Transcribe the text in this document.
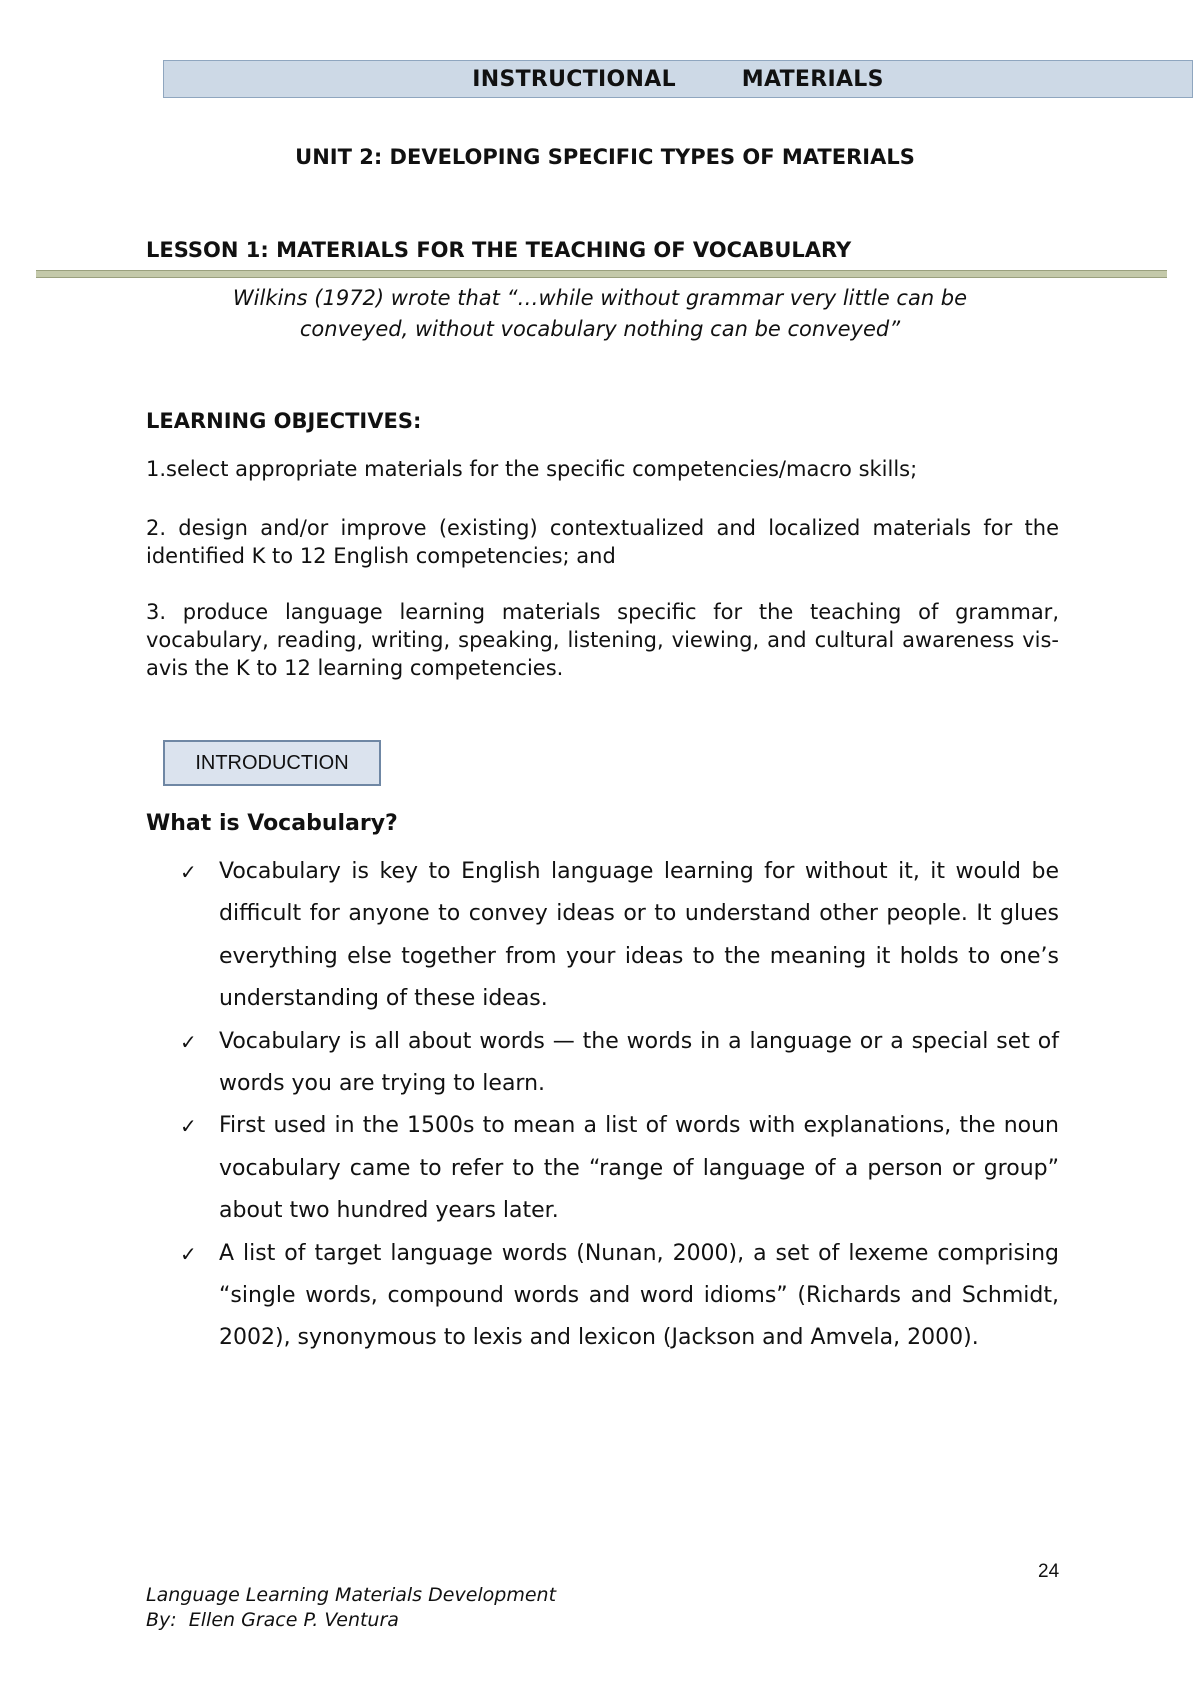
INSTRUCTIONAL   MATERIALS
UNIT 2: DEVELOPING SPECIFIC TYPES OF MATERIALS
LESSON 1: MATERIALS FOR THE TEACHING OF VOCABULARY
Wilkins (1972) wrote that “…while without grammar very little can be
conveyed, without vocabulary nothing can be conveyed”
LEARNING OBJECTIVES:
1.select appropriate materials for the specific competencies/macro skills;
2. design and/or improve (existing) contextualized and localized materials for the identified K to 12 English competencies; and
3. produce language learning materials specific for the teaching of grammar, vocabulary, reading, writing, speaking, listening, viewing, and cultural awareness vis-avis the K to 12 learning competencies.
INTRODUCTION
What is Vocabulary?
✓ Vocabulary is key to English language learning for without it, it would be difficult for anyone to convey ideas or to understand other people. It glues everything else together from your ideas to the meaning it holds to one’s understanding of these ideas.
✓ Vocabulary is all about words — the words in a language or a special set of words you are trying to learn.
✓ First used in the 1500s to mean a list of words with explanations, the noun vocabulary came to refer to the “range of language of a person or group” about two hundred years later.
✓ A list of target language words (Nunan, 2000), a set of lexeme comprising “single words, compound words and word idioms” (Richards and Schmidt, 2002), synonymous to lexis and lexicon (Jackson and Amvela, 2000).
24
Language Learning Materials Development
By:  Ellen Grace P. Ventura
